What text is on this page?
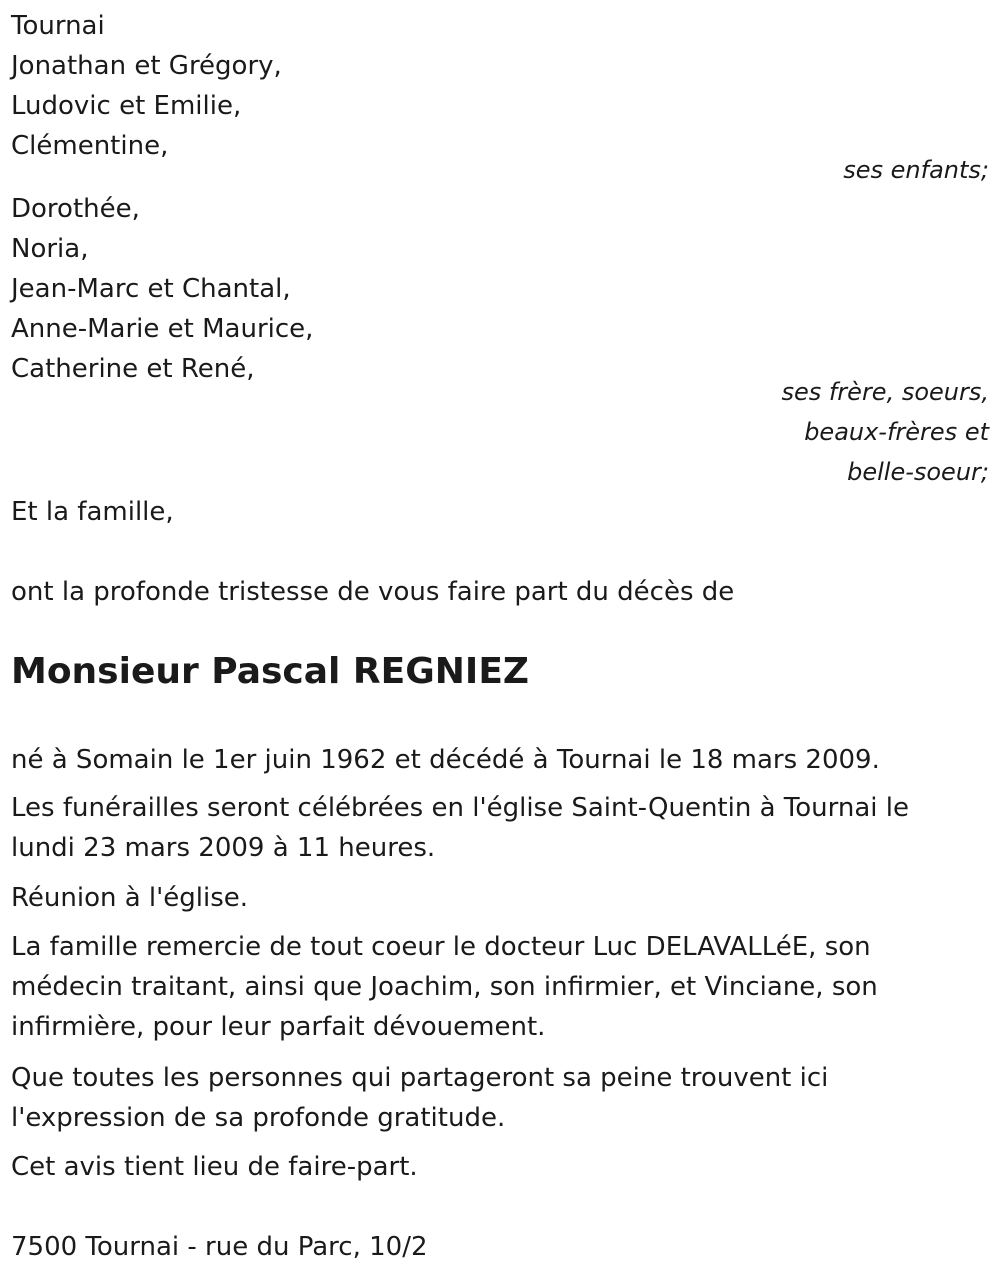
Tournai
Jonathan et Grégory,
Ludovic et Emilie,
Clémentine,
ses enfants;
Dorothée,
Noria,
Jean-Marc et Chantal,
Anne-Marie et Maurice,
Catherine et René,
ses frère, soeurs,
beaux-frères et
belle-soeur;
Et la famille,
ont la profonde tristesse de vous faire part du décès de
Monsieur Pascal REGNIEZ
né à Somain le 1er juin 1962 et décédé à Tournai le 18 mars 2009.
Les funérailles seront célébrées en l'église Saint-Quentin à Tournai le lundi 23 mars 2009 à 11 heures.
Réunion à l'église.
La famille remercie de tout coeur le docteur Luc DELAVALLéE, son médecin traitant, ainsi que Joachim, son infirmier, et Vinciane, son infirmière, pour leur parfait dévouement.
Que toutes les personnes qui partageront sa peine trouvent ici l'expression de sa profonde gratitude.
Cet avis tient lieu de faire-part.
7500 Tournai - rue du Parc, 10/2
